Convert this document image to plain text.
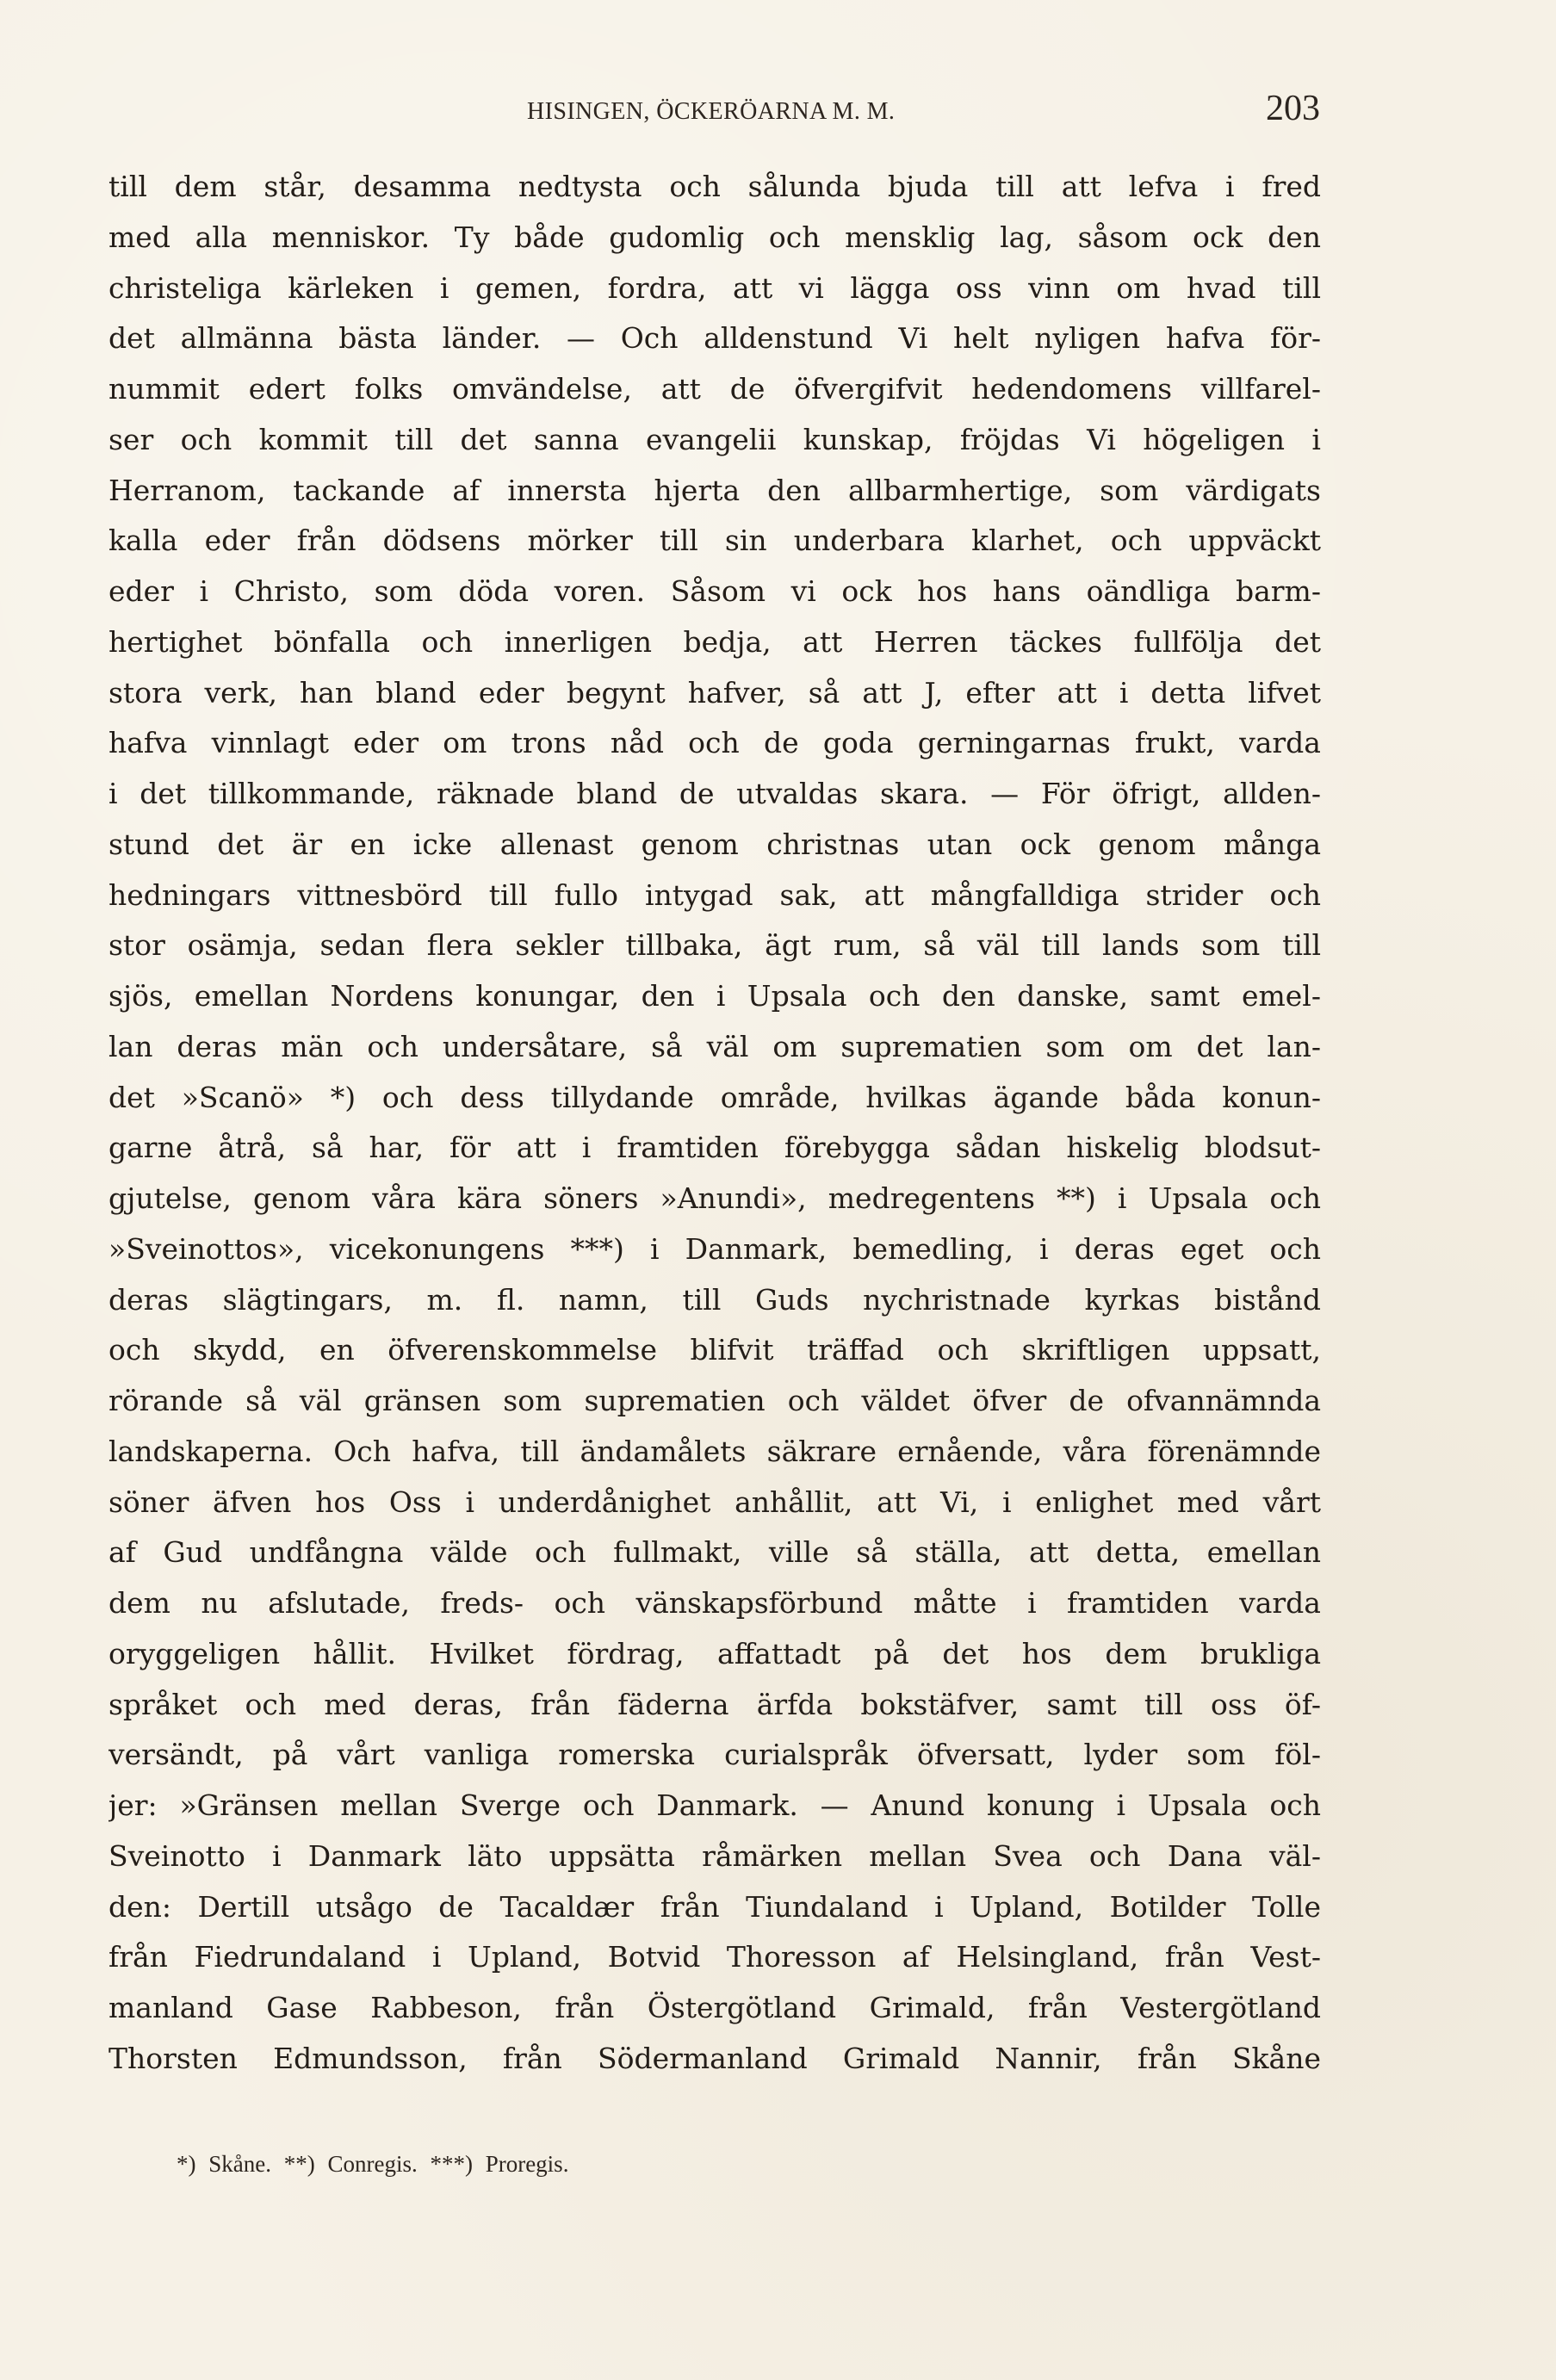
HISINGEN, ÖCKERÖARNA M. M.	203
till dem står, desamma nedtysta och sålunda bjuda till att lefva i fred
med alla menniskor. Ty både gudomlig och mensklig lag, såsom ock den
christeliga kärleken i gemen, fordra, att vi lägga oss vinn om hvad till
det allmänna bästa länder. — Och alldenstund Vi helt nyligen hafva för-
nummit edert folks omvändelse, att de öfvergifvit hedendomens villfarel-
ser och kommit till det sanna evangelii kunskap, fröjdas Vi högeligen i
Herranom, tackande af innersta hjerta den allbarmhertige, som värdigats
kalla eder från dödsens mörker till sin underbara klarhet, och uppväckt
eder i Christo, som döda voren. Såsom vi ock hos hans oändliga barm-
hertighet bönfalla och innerligen bedja, att Herren täckes fullfölja det
stora verk, han bland eder begynt hafver, så att J, efter att i detta lifvet
hafva vinnlagt eder om trons nåd och de goda gerningarnas frukt, varda
i det tillkommande, räknade bland de utvaldas skara. — För öfrigt, allden-
stund det är en icke allenast genom christnas utan ock genom många
hedningars vittnesbörd till fullo intygad sak, att mångfalldiga strider och
stor osämja, sedan flera sekler tillbaka, ägt rum, så väl till lands som till
sjös, emellan Nordens konungar, den i Upsala och den danske, samt emel-
lan deras män och undersåtare, så väl om suprematien som om det lan-
det »Scanö» *) och dess tillydande område, hvilkas ägande båda konun-
garne åtrå, så har, för att i framtiden förebygga sådan hiskelig blodsut-
gjutelse, genom våra kära söners »Anundi», medregentens **) i Upsala och
»Sveinottos», vicekonungens ***) i Danmark, bemedling, i deras eget och
deras slägtingars, m. fl. namn, till Guds nychristnade kyrkas bistånd
och skydd, en öfverenskommelse blifvit träffad och skriftligen uppsatt,
rörande så väl gränsen som suprematien och väldet öfver de ofvannämnda
landskaperna. Och hafva, till ändamålets säkrare ernående, våra förenämnde
söner äfven hos Oss i underdånighet anhållit, att Vi, i enlighet med vårt
af Gud undfångna välde och fullmakt, ville så ställa, att detta, emellan
dem nu afslutade, freds- och vänskapsförbund måtte i framtiden varda
oryggeligen hållit. Hvilket fördrag, affattadt på det hos dem brukliga
språket och med deras, från fäderna ärfda bokstäfver, samt till oss öf-
versändt, på vårt vanliga romerska curialspråk öfversatt, lyder som föl-
jer: »Gränsen mellan Sverge och Danmark. — Anund konung i Upsala och
Sveinotto i Danmark läto uppsätta råmärken mellan Svea och Dana väl-
den: Dertill utsågo de Tacaldær från Tiundaland i Upland, Botilder Tolle
från Fiedrundaland i Upland, Botvid Thoresson af Helsingland, från Vest-
manland Gase Rabbeson, från Östergötland Grimald, från Vestergötland
Thorsten Edmundsson, från Södermanland Grimald Nannir, från Skåne
*) Skåne. **) Conregis. ***) Proregis.
